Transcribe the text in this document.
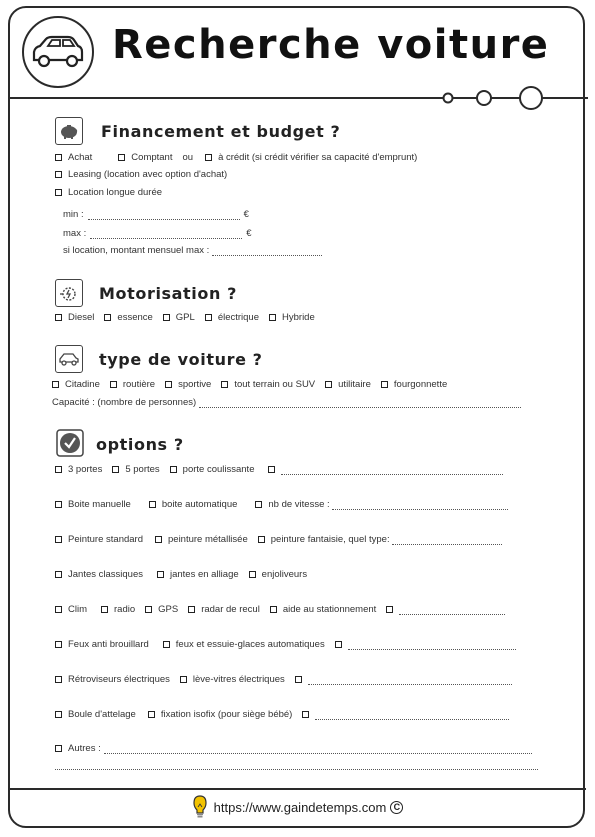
Recherche voiture
Financement et budget ?
Achat	Comptant ou	à crédit (si crédit vérifier sa capacité d'emprunt)
Leasing (location avec option d'achat)
Location longue durée
min :	€
max :	€
si location, montant mensuel max :
Motorisation ?
Diesel essence GPL électrique Hybride
type de voiture ?
Citadine routière sportive tout terrain ou SUV utilitaire fourgonnette
Capacité : (nombre de personnes)
options ?
3 portes 5 portes porte coulissante
Boite manuelle	boite automatique	nb de vitesse :
Peinture standard	peinture métallisée peinture fantaisie, quel type:
Jantes classiques	jantes en alliage enjoliveurs
Clim	radio GPS radar de recul aide au stationnement
Feux anti brouillard	feux et essuie-glaces automatiques
Rétroviseurs électriques lève-vitres électriques
Boule d'attelage	fixation isofix (pour siège bébé)
Autres :
https://www.gaindetemps.com C
